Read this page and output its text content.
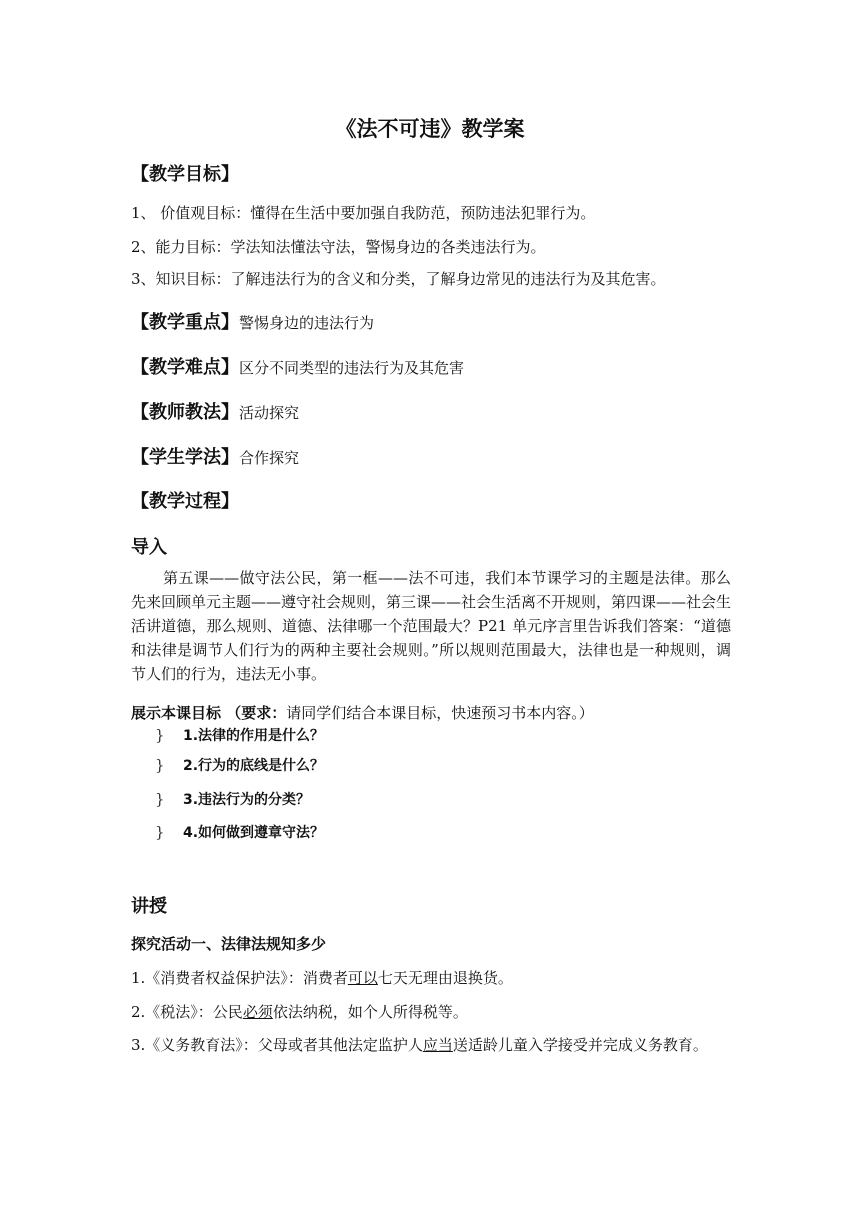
《法不可违》教学案
【教学目标】
1、 价值观目标：懂得在生活中要加强自我防范，预防违法犯罪行为。
2、能力目标：学法知法懂法守法，警惕身边的各类违法行为。
3、知识目标：了解违法行为的含义和分类，了解身边常见的违法行为及其危害。
【教学重点】警惕身边的违法行为
【教学难点】区分不同类型的违法行为及其危害
【教师教法】活动探究
【学生学法】合作探究
【教学过程】
导入
第五课——做守法公民，第一框——法不可违，我们本节课学习的主题是法律。那么先来回顾单元主题——遵守社会规则，第三课——社会生活离不开规则，第四课——社会生活讲道德，那么规则、道德、法律哪一个范围最大？P21 单元序言里告诉我们答案：“道德和法律是调节人们行为的两种主要社会规则。”所以规则范围最大，法律也是一种规则，调节人们的行为，违法无小事。
展示本课目标 （要求：请同学们结合本课目标，快速预习书本内容。）
} 1.法律的作用是什么？
} 2.行为的底线是什么？
} 3.违法行为的分类？
} 4.如何做到遵章守法？
讲授
探究活动一、法律法规知多少
1.《消费者权益保护法》：消费者可以七天无理由退换货。
2.《税法》：公民必须依法纳税，如个人所得税等。
3.《义务教育法》：父母或者其他法定监护人应当送适龄儿童入学接受并完成义务教育。
